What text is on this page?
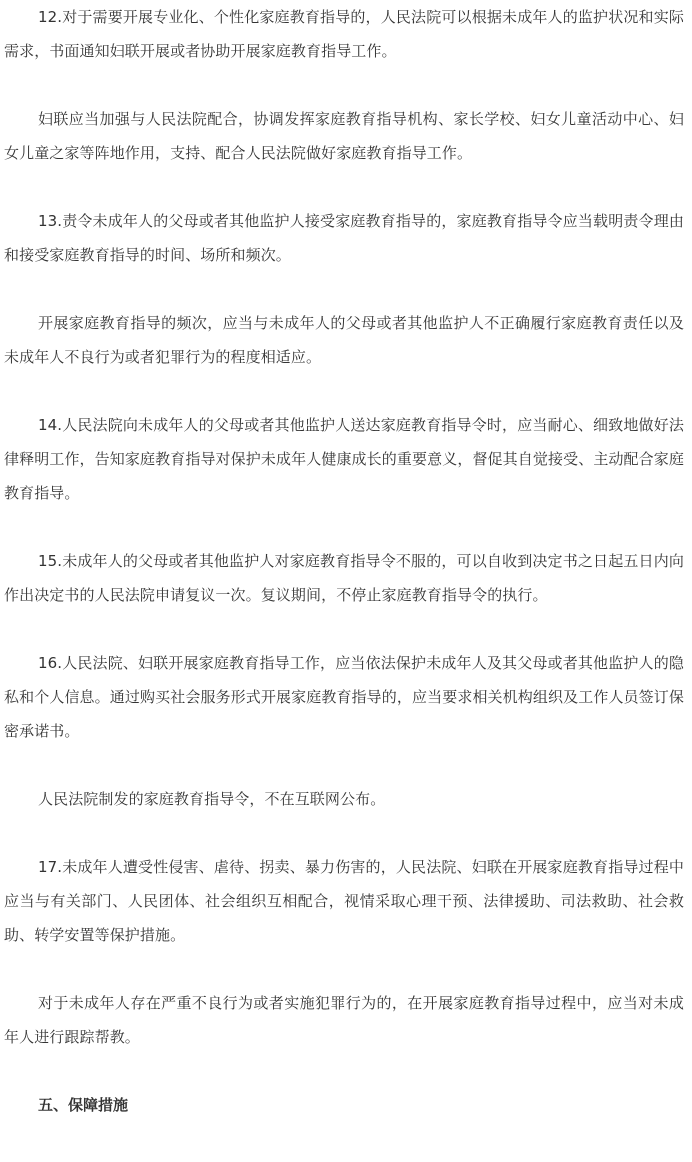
12.对于需要开展专业化、个性化家庭教育指导的，人民法院可以根据未成年人的监护状况和实际需求，书面通知妇联开展或者协助开展家庭教育指导工作。

妇联应当加强与人民法院配合，协调发挥家庭教育指导机构、家长学校、妇女儿童活动中心、妇女儿童之家等阵地作用，支持、配合人民法院做好家庭教育指导工作。

13.责令未成年人的父母或者其他监护人接受家庭教育指导的，家庭教育指导令应当载明责令理由和接受家庭教育指导的时间、场所和频次。

开展家庭教育指导的频次，应当与未成年人的父母或者其他监护人不正确履行家庭教育责任以及未成年人不良行为或者犯罪行为的程度相适应。

14.人民法院向未成年人的父母或者其他监护人送达家庭教育指导令时，应当耐心、细致地做好法律释明工作，告知家庭教育指导对保护未成年人健康成长的重要意义，督促其自觉接受、主动配合家庭教育指导。

15.未成年人的父母或者其他监护人对家庭教育指导令不服的，可以自收到决定书之日起五日内向作出决定书的人民法院申请复议一次。复议期间，不停止家庭教育指导令的执行。

16.人民法院、妇联开展家庭教育指导工作，应当依法保护未成年人及其父母或者其他监护人的隐私和个人信息。通过购买社会服务形式开展家庭教育指导的，应当要求相关机构组织及工作人员签订保密承诺书。

人民法院制发的家庭教育指导令，不在互联网公布。

17.未成年人遭受性侵害、虐待、拐卖、暴力伤害的，人民法院、妇联在开展家庭教育指导过程中应当与有关部门、人民团体、社会组织互相配合，视情采取心理干预、法律援助、司法救助、社会救助、转学安置等保护措施。

对于未成年人存在严重不良行为或者实施犯罪行为的，在开展家庭教育指导过程中，应当对未成年人进行跟踪帮教。

五、保障措施
